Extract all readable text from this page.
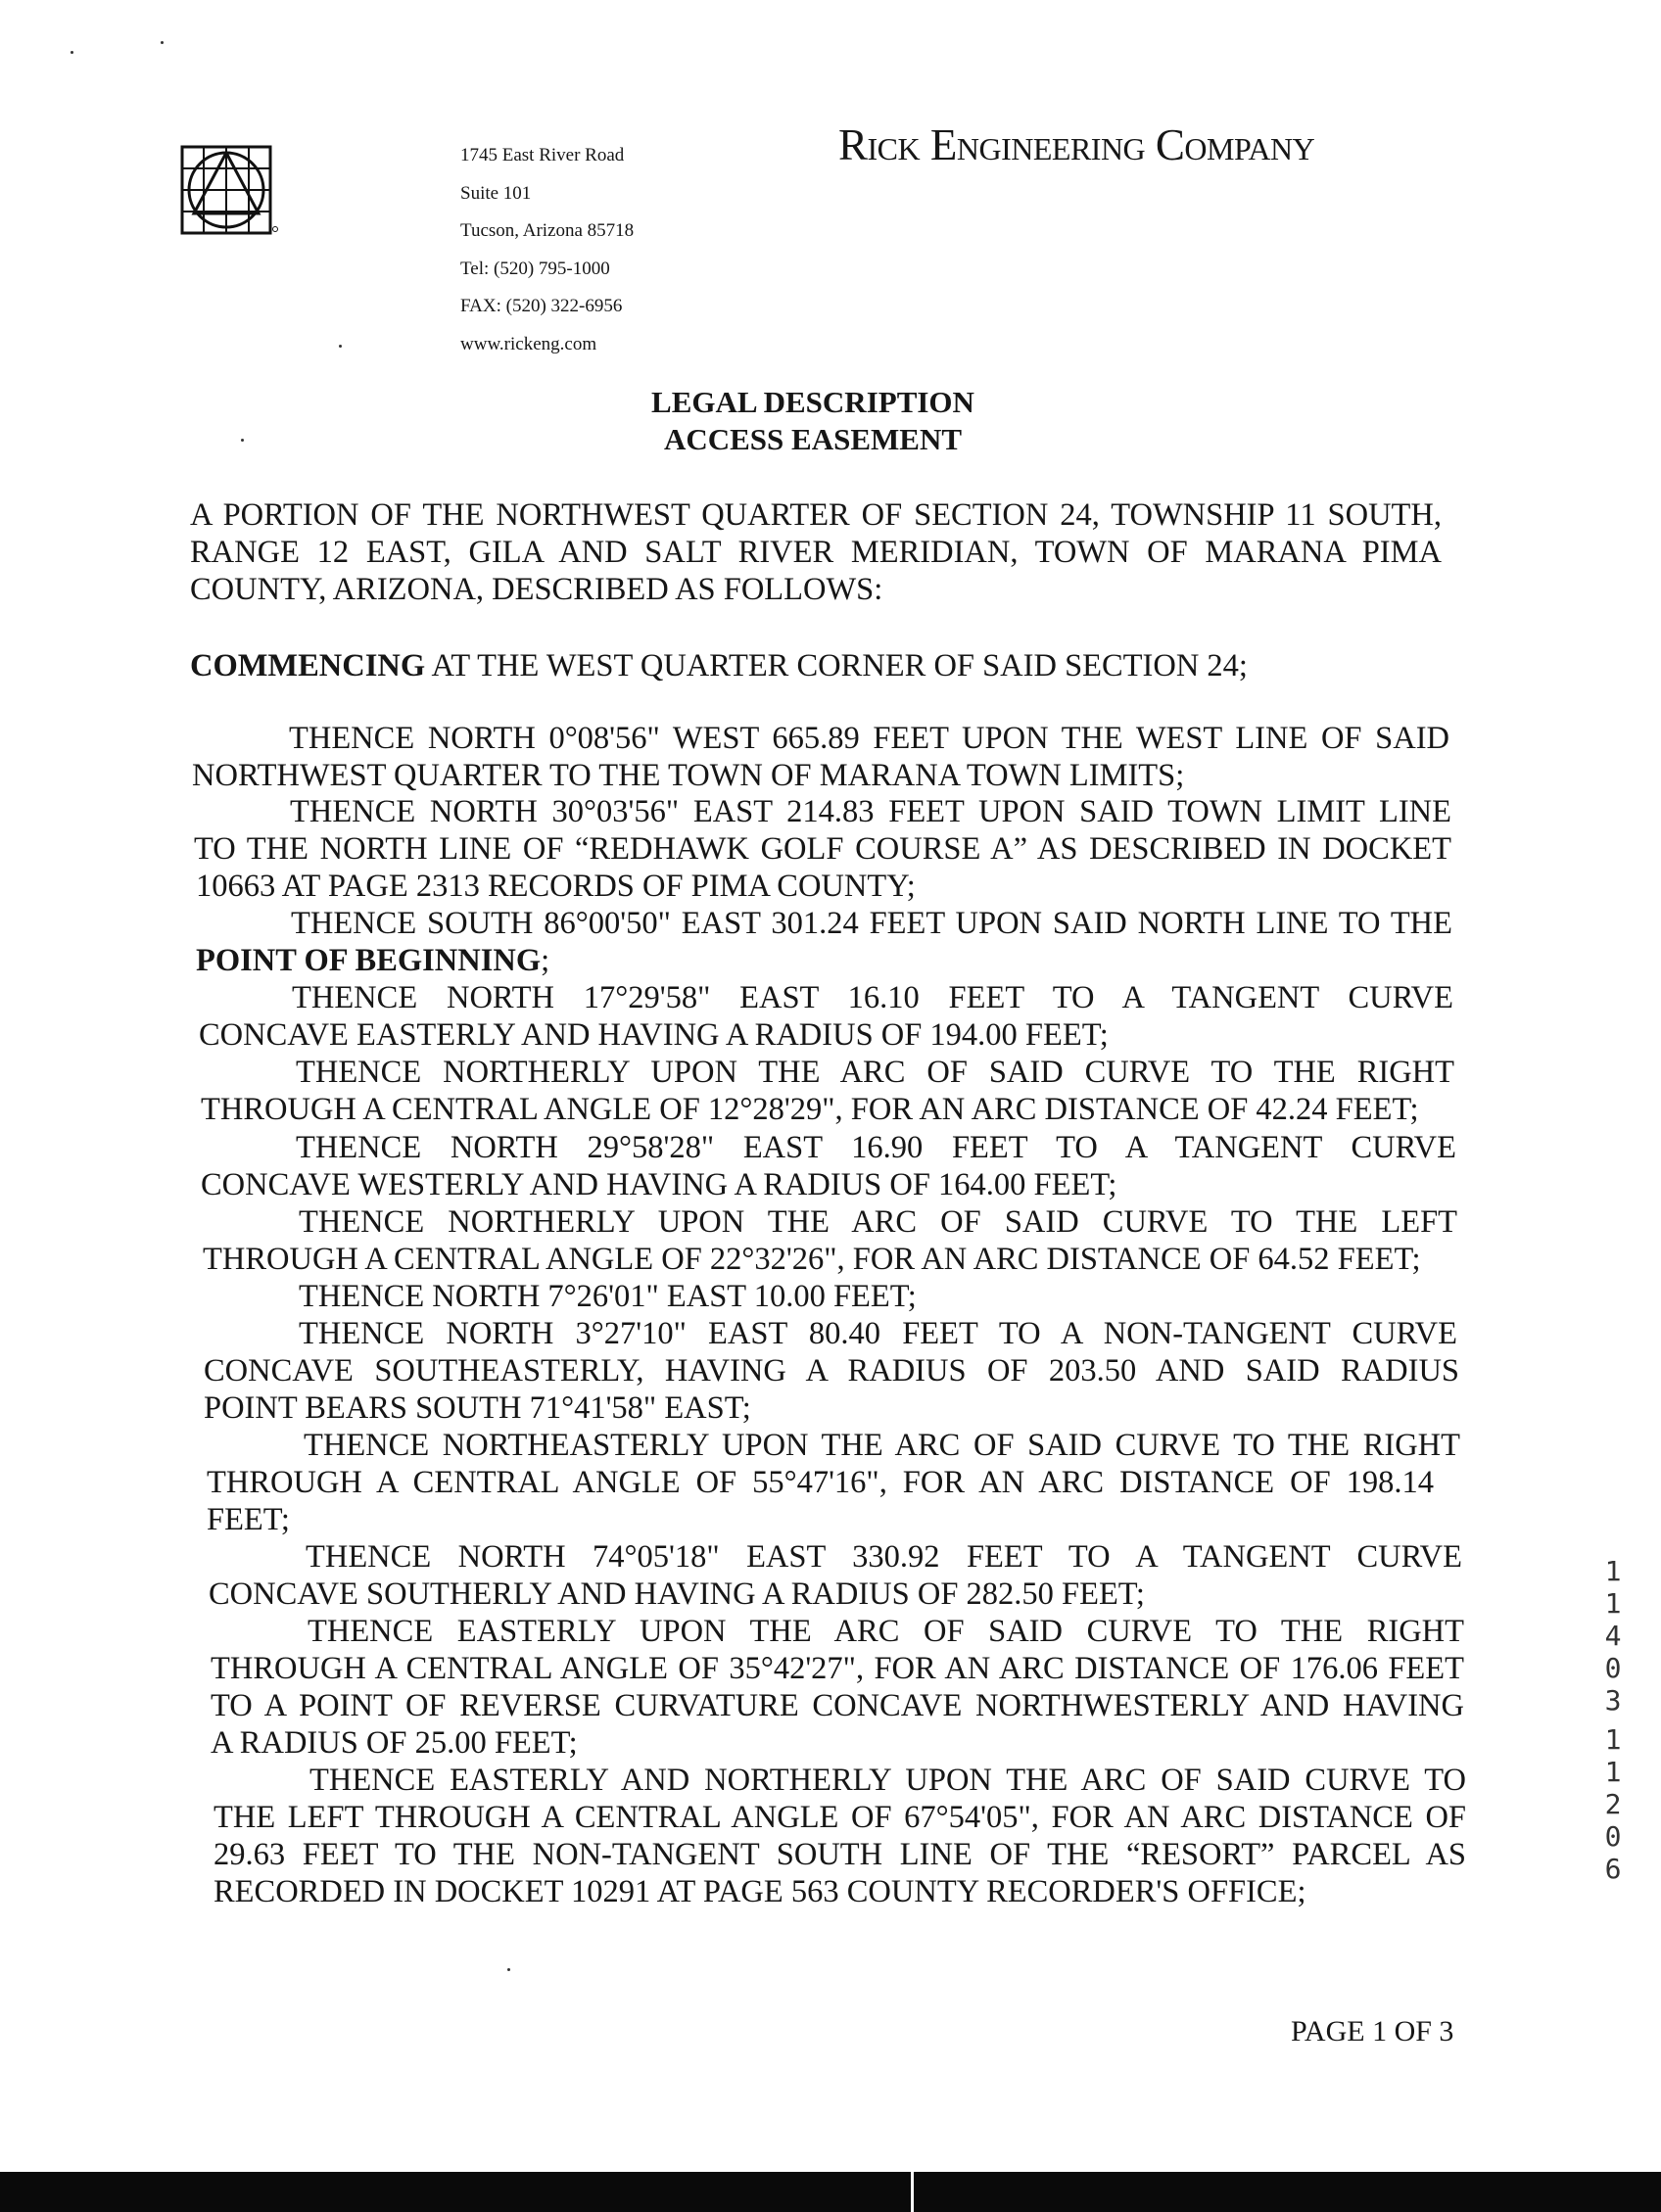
1745 East River Road
Suite 101
Tucson, Arizona 85718
Tel: (520) 795-1000
FAX: (520) 322-6956
www.rickeng.com
Rick Engineering Company
LEGAL DESCRIPTION
ACCESS EASEMENT
A PORTION OF THE NORTHWEST QUARTER OF SECTION 24, TOWNSHIP 11 SOUTH,
RANGE 12 EAST, GILA AND SALT RIVER MERIDIAN, TOWN OF MARANA PIMA
COUNTY, ARIZONA, DESCRIBED AS FOLLOWS:
COMMENCING AT THE WEST QUARTER CORNER OF SAID SECTION 24;
THENCE NORTH 0°08'56" WEST 665.89 FEET UPON THE WEST LINE OF SAID
NORTHWEST QUARTER TO THE TOWN OF MARANA TOWN LIMITS;
THENCE NORTH 30°03'56" EAST 214.83 FEET UPON SAID TOWN LIMIT LINE
TO THE NORTH LINE OF “REDHAWK GOLF COURSE A” AS DESCRIBED IN DOCKET
10663 AT PAGE 2313 RECORDS OF PIMA COUNTY;
THENCE SOUTH 86°00'50" EAST 301.24 FEET UPON SAID NORTH LINE TO THE
POINT OF BEGINNING;
THENCE NORTH 17°29'58" EAST 16.10 FEET TO A TANGENT CURVE
CONCAVE EASTERLY AND HAVING A RADIUS OF 194.00 FEET;
THENCE NORTHERLY UPON THE ARC OF SAID CURVE TO THE RIGHT
THROUGH A CENTRAL ANGLE OF 12°28'29", FOR AN ARC DISTANCE OF 42.24 FEET;
THENCE NORTH 29°58'28" EAST 16.90 FEET TO A TANGENT CURVE
CONCAVE WESTERLY AND HAVING A RADIUS OF 164.00 FEET;
THENCE NORTHERLY UPON THE ARC OF SAID CURVE TO THE LEFT
THROUGH A CENTRAL ANGLE OF 22°32'26", FOR AN ARC DISTANCE OF 64.52 FEET;
THENCE NORTH 7°26'01" EAST 10.00 FEET;
THENCE NORTH 3°27'10" EAST 80.40 FEET TO A NON-TANGENT CURVE
CONCAVE SOUTHEASTERLY, HAVING A RADIUS OF 203.50 AND SAID RADIUS
POINT BEARS SOUTH 71°41'58" EAST;
THENCE NORTHEASTERLY UPON THE ARC OF SAID CURVE TO THE RIGHT
THROUGH A CENTRAL ANGLE OF 55°47'16", FOR AN ARC DISTANCE OF 198.14
FEET;
THENCE NORTH 74°05'18" EAST 330.92 FEET TO A TANGENT CURVE
CONCAVE SOUTHERLY AND HAVING A RADIUS OF 282.50 FEET;
THENCE EASTERLY UPON THE ARC OF SAID CURVE TO THE RIGHT
THROUGH A CENTRAL ANGLE OF 35°42'27", FOR AN ARC DISTANCE OF 176.06 FEET
TO A POINT OF REVERSE CURVATURE CONCAVE NORTHWESTERLY AND HAVING
A RADIUS OF 25.00 FEET;
THENCE EASTERLY AND NORTHERLY UPON THE ARC OF SAID CURVE TO
THE LEFT THROUGH A CENTRAL ANGLE OF 67°54'05", FOR AN ARC DISTANCE OF
29.63 FEET TO THE NON-TANGENT SOUTH LINE OF THE “RESORT” PARCEL AS
RECORDED IN DOCKET 10291 AT PAGE 563 COUNTY RECORDER'S OFFICE;
11403
11206
PAGE 1 OF 3
